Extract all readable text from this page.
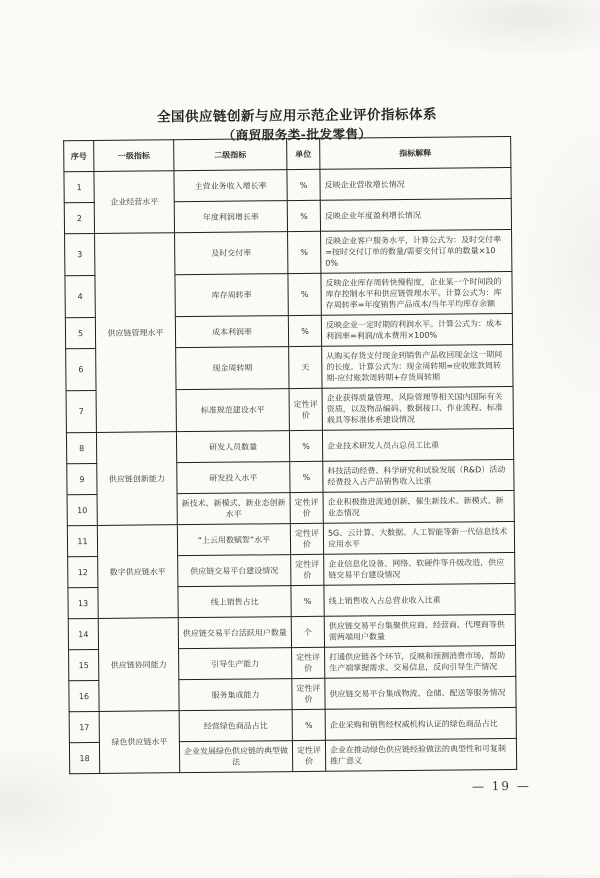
全国供应链创新与应用示范企业评价指标体系
（商贸服务类-批发零售）
序号	一级指标	二级指标	单位	指标解释
1	企业经营水平	主营业务收入增长率	%	反映企业营收增长情况
2		年度利润增长率	%	反映企业年度盈利增长情况
3	供应链管理水平	及时交付率	%	反映企业客户服务水平，计算公式为：及时交付率=按时交付订单的数量/需要交付订单的数量×100%
4		库存周转率	%	反映企业库存周转快慢程度，企业某一个时间段的库存控制水平和供应链管理水平。计算公式为：库存周转率=年度销售产品成本/当年平均库存余额
5		成本利润率	%	反映企业一定时期的利润水平。计算公式为：成本利润率=利润/成本费用×100%
6		现金周转期	天	从购买存货支付现金到销售产品收回现金这一期间的长度。计算公式为：现金周转期=应收账款周转期-应付账款周转期+存货周转期
7		标准规范建设水平	定性评价	企业获得质量管理、风险管理等相关国内国际有关资质，以及物品编码、数据接口、作业流程、标准载具等标准体系建设情况
8	供应链创新能力	研发人员数量	%	企业技术研发人员占总员工比重
9		研发投入水平	%	科技活动经费、科学研究和试验发展（R&D）活动经费投入占产品销售收入比重
10		新技术、新模式、新业态创新水平	定性评价	企业积极推进流通创新，催生新技术、新模式、新业态情况
11	数字供应链水平	“上云用数赋智”水平	定性评价	5G、云计算、大数据、人工智能等新一代信息技术应用水平
12		供应链交易平台建设情况	定性评价	企业信息化设备、网络、软硬件等升级改造，供应链交易平台建设情况
13		线上销售占比	%	线上销售收入占总营业收入比重
14	供应链协同能力	供应链交易平台活跃用户数量	个	供应链交易平台集聚供应商、经营商、代理商等供需两端用户数量
15		引导生产能力	定性评价	打通供应链各个环节，反映和预测消费市场，帮助生产端掌握需求、交易信息，反向引导生产情况
16		服务集成能力	定性评价	供应链交易平台集成物流、仓储、配送等服务情况
17	绿色供应链水平	经营绿色商品占比	%	企业采购和销售经权威机构认证的绿色商品占比
18		企业发展绿色供应链的典型做法	定性评价	企业在推动绿色供应链经验做法的典型性和可复制推广意义
— 19 —
